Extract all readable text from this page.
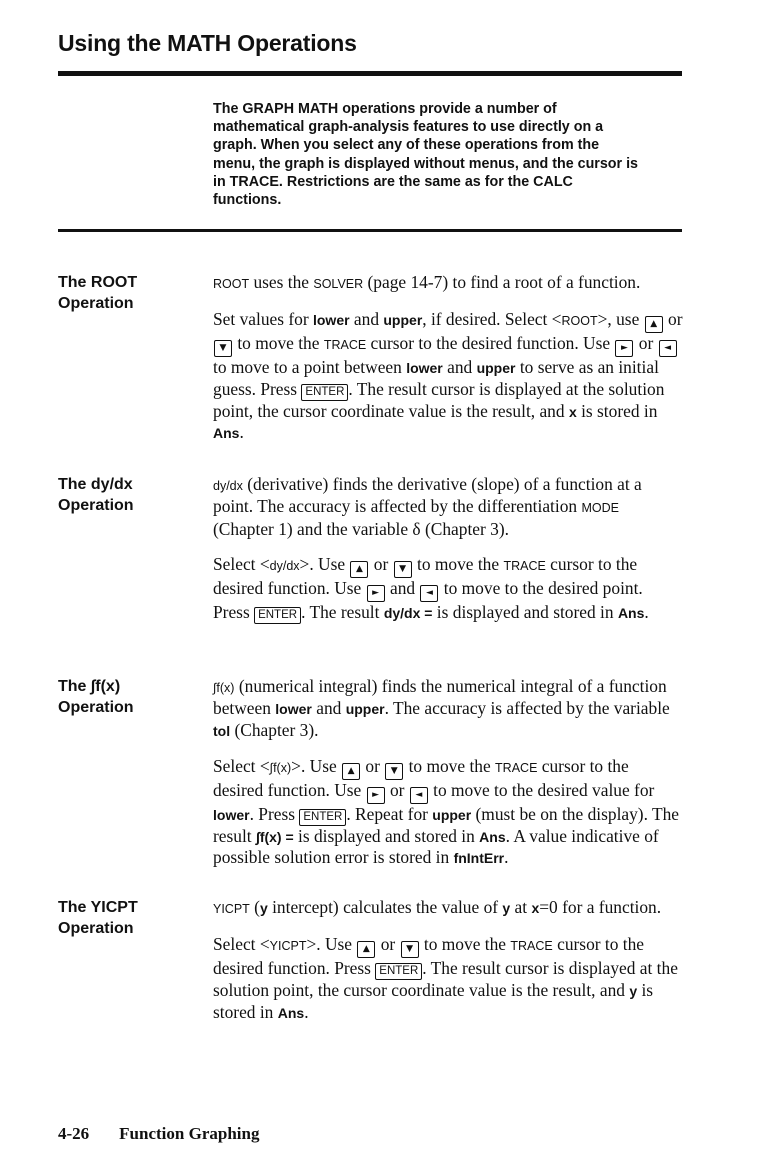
Using the MATH Operations
The GRAPH MATH operations provide a number of
mathematical graph-analysis features to use directly on a
graph. When you select any of these operations from the
menu, the graph is displayed without menus, and the cursor is
in TRACE. Restrictions are the same as for the CALC
functions.
The ROOT
Operation

ROOT uses the SOLVER (page 14-7) to find a root of a function.

Set values for lower and upper, if desired. Select <ROOT>, use ▲ or ▼ to move the TRACE cursor to the desired function. Use ► or ◄ to move to a point between lower and upper to serve as an initial guess. Press ENTER . The result cursor is displayed at the solution point, the cursor coordinate value is the result, and x is stored in Ans.

The dy/dx
Operation

dy/dx (derivative) finds the derivative (slope) of a function at a point. The accuracy is affected by the differentiation MODE (Chapter 1) and the variable δ (Chapter 3).

Select <dy/dx>. Use ▲ or ▼ to move the TRACE cursor to the desired function. Use ► and ◄ to move to the desired point. Press ENTER . The result dy/dx = is displayed and stored in Ans.

The ∫f(x)
Operation

∫f(x) (numerical integral) finds the numerical integral of a function between lower and upper. The accuracy is affected by the variable tol (Chapter 3).

Select <∫f(x)>. Use ▲ or ▼ to move the TRACE cursor to the desired function. Use ► or ◄ to move to the desired value for lower. Press ENTER . Repeat for upper (must be on the display). The result ∫f(x) = is displayed and stored in Ans. A value indicative of possible solution error is stored in fnIntErr.

The YICPT
Operation

YICPT (y intercept) calculates the value of y at x=0 for a function.

Select <YICPT>. Use ▲ or ▼ to move the TRACE cursor to the desired function. Press ENTER . The result cursor is displayed at the solution point, the cursor coordinate value is the result, and y is stored in Ans.

4-26 Function Graphing
